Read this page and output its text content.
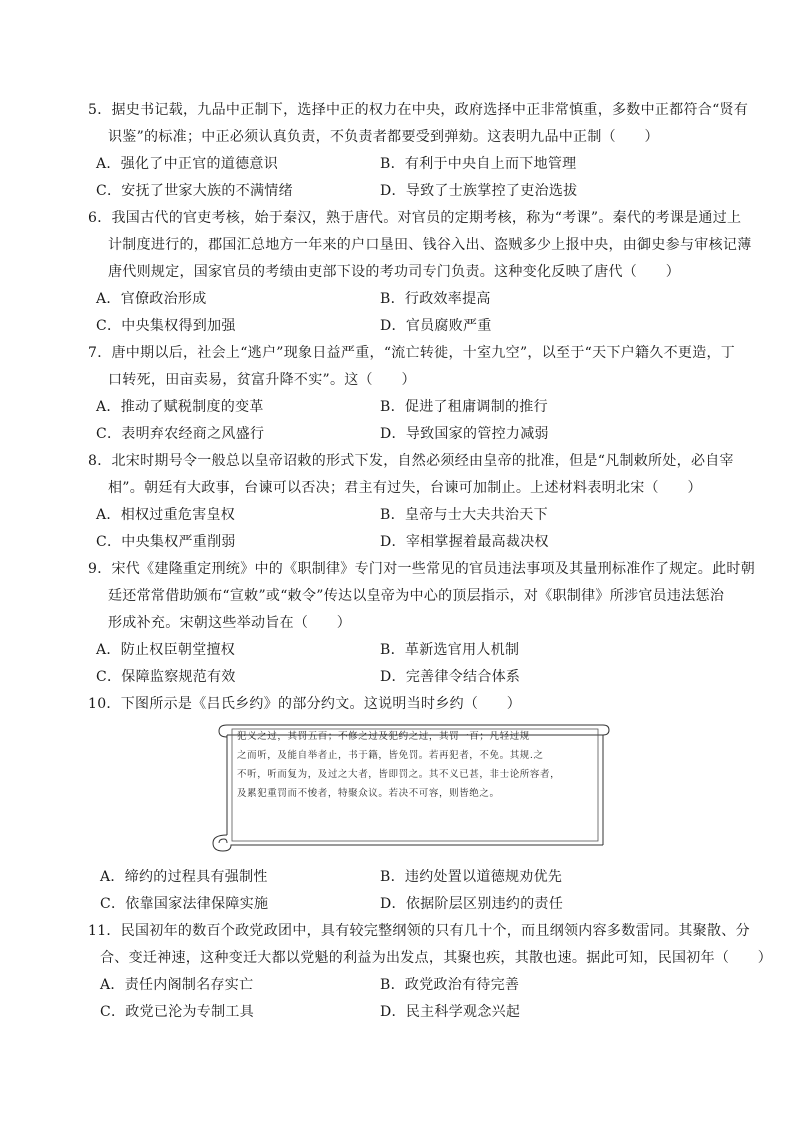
5．据史书记载，九品中正制下，选择中正的权力在中央，政府选择中正非常慎重，多数中正都符合“贤有
识鉴”的标准；中正必须认真负责，不负责者都要受到弹劾。这表明九品中正制（　　）
A．强化了中正官的道德意识	B．有利于中央自上而下地管理
C．安抚了世家大族的不满情绪	D．导致了士族掌控了吏治选拔
6．我国古代的官吏考核，始于秦汉，熟于唐代。对官员的定期考核，称为“考课”。秦代的考课是通过上
计制度进行的，郡国汇总地方一年来的户口垦田、钱谷入出、盗贼多少上报中央，由御史参与审核记薄
唐代则规定，国家官员的考绩由吏部下设的考功司专门负责。这种变化反映了唐代（　　）
A．官僚政治形成	B．行政效率提高
C．中央集权得到加强	D．官员腐败严重
7．唐中期以后，社会上“逃户”现象日益严重，“流亡转徙，十室九空”，以至于“天下户籍久不更造，丁
口转死，田亩卖易，贫富升降不实”。这（　　）
A．推动了赋税制度的变革	B．促进了租庸调制的推行
C．表明弃农经商之风盛行	D．导致国家的管控力减弱
8．北宋时期号令一般总以皇帝诏敕的形式下发，自然必须经由皇帝的批准，但是“凡制敕所处，必自宰
相”。朝廷有大政事，台谏可以否决；君主有过失，台谏可加制止。上述材料表明北宋（　　）
A．相权过重危害皇权	B．皇帝与士大夫共治天下
C．中央集权严重削弱	D．宰相掌握着最高裁决权
9．宋代《建隆重定刑统》中的《职制律》专门对一些常见的官员违法事项及其量刑标准作了规定。此时朝
廷还常常借助颁布“宣敕”或“敕令”传达以皇帝为中心的顶层指示，对《职制律》所涉官员违法惩治
形成补充。宋朝这些举动旨在（　　）
A．防止权臣朝堂擅权	B．革新选官用人机制
C．保障监察规范有效	D．完善律令结合体系
10．下图所示是《吕氏乡约》的部分约文。这说明当时乡约（　　）
犯义之过，其罚五百；不修之过及犯约之过，其罚一百；凡轻过规
之而听，及能自举者止，书于籍，皆免罚。若再犯者，不免。其规.之
不听，听而复为，及过之大者，皆即罚之。其不义已甚，非士论所容者，
及累犯重罚而不悛者，特聚众议。若决不可容，则皆绝之。
A．缔约的过程具有强制性	B．违约处置以道德规劝优先
C．依靠国家法律保障实施	D．依据阶层区别违约的责任
11．民国初年的数百个政党政团中，具有较完整纲领的只有几十个，而且纲领内容多数雷同。其聚散、分
合、变迁神速，这种变迁大都以党魁的利益为出发点，其聚也疾，其散也速。据此可知，民国初年（　　）
A．责任内阁制名存实亡	B．政党政治有待完善
C．政党已沦为专制工具	D．民主科学观念兴起
